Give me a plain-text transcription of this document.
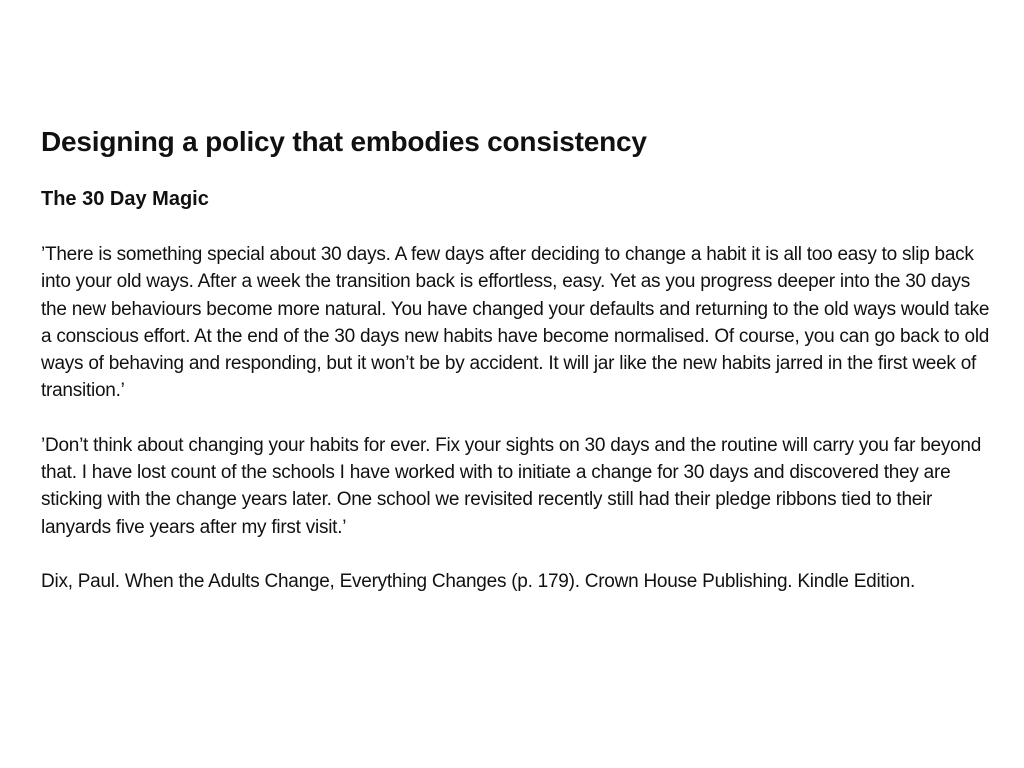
Designing a policy that embodies consistency
The 30 Day Magic

’There is something special about 30 days. A few days after deciding to change a habit it is all too easy to slip back into your old ways. After a week the transition back is effortless, easy. Yet as you progress deeper into the 30 days the new behaviours become more natural. You have changed your defaults and returning to the old ways would take a conscious effort. At the end of the 30 days new habits have become normalised. Of course, you can go back to old ways of behaving and responding, but it won’t be by accident. It will jar like the new habits jarred in the first week of transition.’

’Don’t think about changing your habits for ever. Fix your sights on 30 days and the routine will carry you far beyond that. I have lost count of the schools I have worked with to initiate a change for 30 days and discovered they are sticking with the change years later. One school we revisited recently still had their pledge ribbons tied to their lanyards five years after my first visit.’

Dix, Paul. When the Adults Change, Everything Changes (p. 179). Crown House Publishing. Kindle Edition.
